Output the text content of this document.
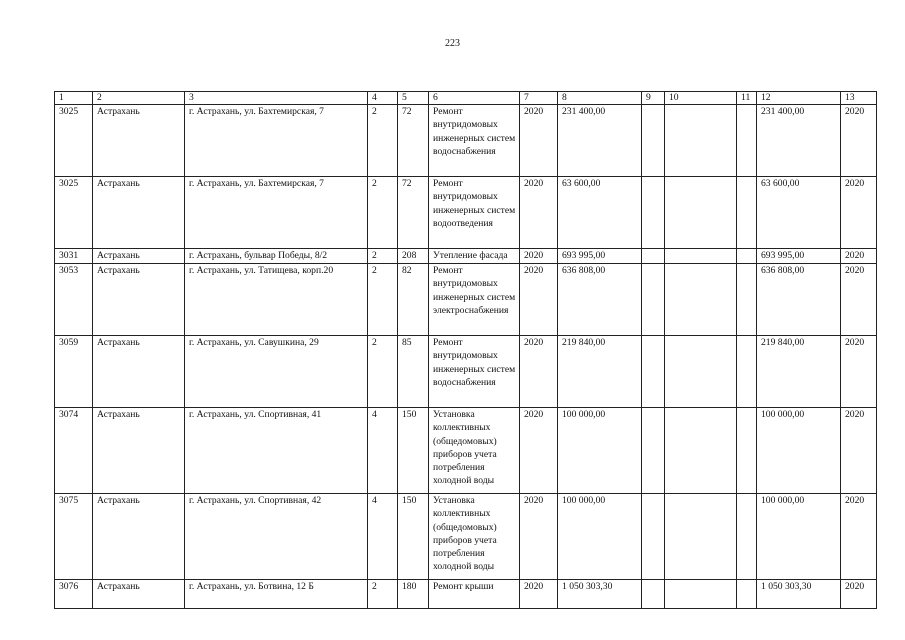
223
1	2	3	4	5	6	7	8	9	10	11	12	13
3025	Астрахань	г. Астрахань, ул. Бахтемирская, 7	2	72	Ремонт внутридомовых инженерных систем водоснабжения	2020	231 400,00				231 400,00	2020
3025	Астрахань	г. Астрахань, ул. Бахтемирская, 7	2	72	Ремонт внутридомовых инженерных систем водоотведения	2020	63 600,00				63 600,00	2020
3031	Астрахань	г. Астрахань, бульвар Победы, 8/2	2	208	Утепление фасада	2020	693 995,00				693 995,00	2020
3053	Астрахань	г. Астрахань, ул. Татищева, корп.20	2	82	Ремонт внутридомовых инженерных систем электроснабжения	2020	636 808,00				636 808,00	2020
3059	Астрахань	г. Астрахань, ул. Савушкина, 29	2	85	Ремонт внутридомовых инженерных систем водоснабжения	2020	219 840,00				219 840,00	2020
3074	Астрахань	г. Астрахань, ул. Спортивная, 41	4	150	Установка коллективных (общедомовых) приборов учета потребления холодной воды	2020	100 000,00				100 000,00	2020
3075	Астрахань	г. Астрахань, ул. Спортивная, 42	4	150	Установка коллективных (общедомовых) приборов учета потребления холодной воды	2020	100 000,00				100 000,00	2020
3076	Астрахань	г. Астрахань, ул. Ботвина, 12 Б	2	180	Ремонт крыши	2020	1 050 303,30				1 050 303,30	2020
